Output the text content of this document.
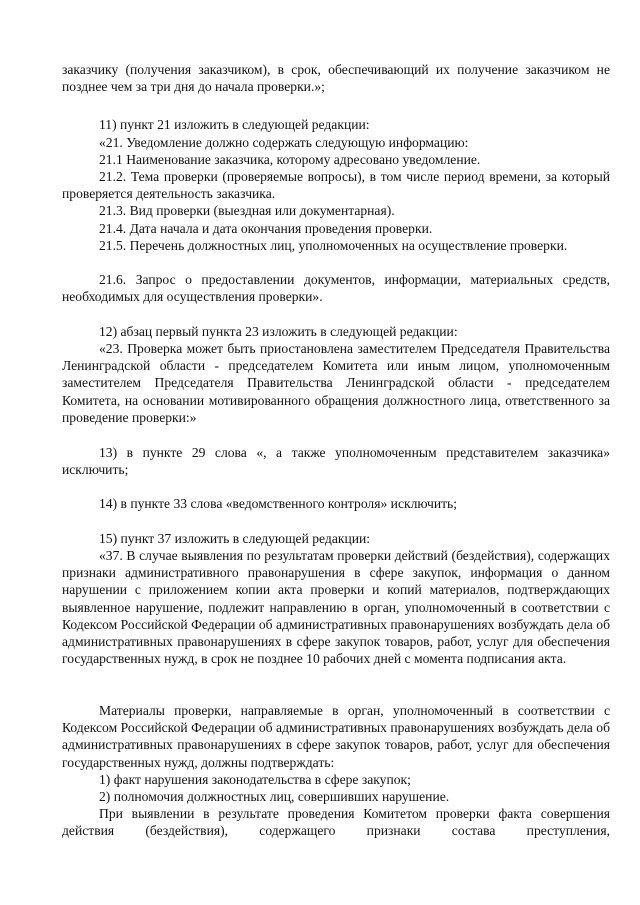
заказчику (получения заказчиком), в срок, обеспечивающий их получение заказчиком не позднее чем за три дня до начала проверки.»;

11) пункт 21 изложить в следующей редакции:

«21. Уведомление должно содержать следующую информацию:

21.1 Наименование заказчика, которому адресовано уведомление.

21.2. Тема проверки (проверяемые вопросы), в том числе период времени, за который проверяется деятельность заказчика.

21.3. Вид проверки (выездная или документарная).

21.4. Дата начала и дата окончания проведения проверки.

21.5. Перечень должностных лиц, уполномоченных на осуществление проверки.

21.6. Запрос о предоставлении документов, информации, материальных средств, необходимых для осуществления проверки».

12) абзац первый пункта 23 изложить в следующей редакции:

«23. Проверка может быть приостановлена заместителем Председателя Правительства Ленинградской области - председателем Комитета или иным лицом, уполномоченным заместителем Председателя Правительства Ленинградской области - председателем Комитета, на основании мотивированного обращения должностного лица, ответственного за проведение проверки:»

13) в пункте 29 слова «, а также уполномоченным представителем заказчика» исключить;

14) в пункте 33 слова «ведомственного контроля» исключить;

15) пункт 37 изложить в следующей редакции:

«37. В случае выявления по результатам проверки действий (бездействия), содержащих признаки административного правонарушения в сфере закупок, информация о данном нарушении с приложением копии акта проверки и копий материалов, подтверждающих выявленное нарушение, подлежит направлению в орган, уполномоченный в соответствии с Кодексом Российской Федерации об административных правонарушениях возбуждать дела об административных правонарушениях в сфере закупок товаров, работ, услуг для обеспечения государственных нужд, в срок не позднее 10 рабочих дней с момента подписания акта.

Материалы проверки, направляемые в орган, уполномоченный в соответствии с Кодексом Российской Федерации об административных правонарушениях возбуждать дела об административных правонарушениях в сфере закупок товаров, работ, услуг для обеспечения государственных нужд, должны подтверждать:

1) факт нарушения законодательства в сфере закупок;

2) полномочия должностных лиц, совершивших нарушение.

При выявлении в результате проведения Комитетом проверки факта совершения действия (бездействия), содержащего признаки состава преступления,
